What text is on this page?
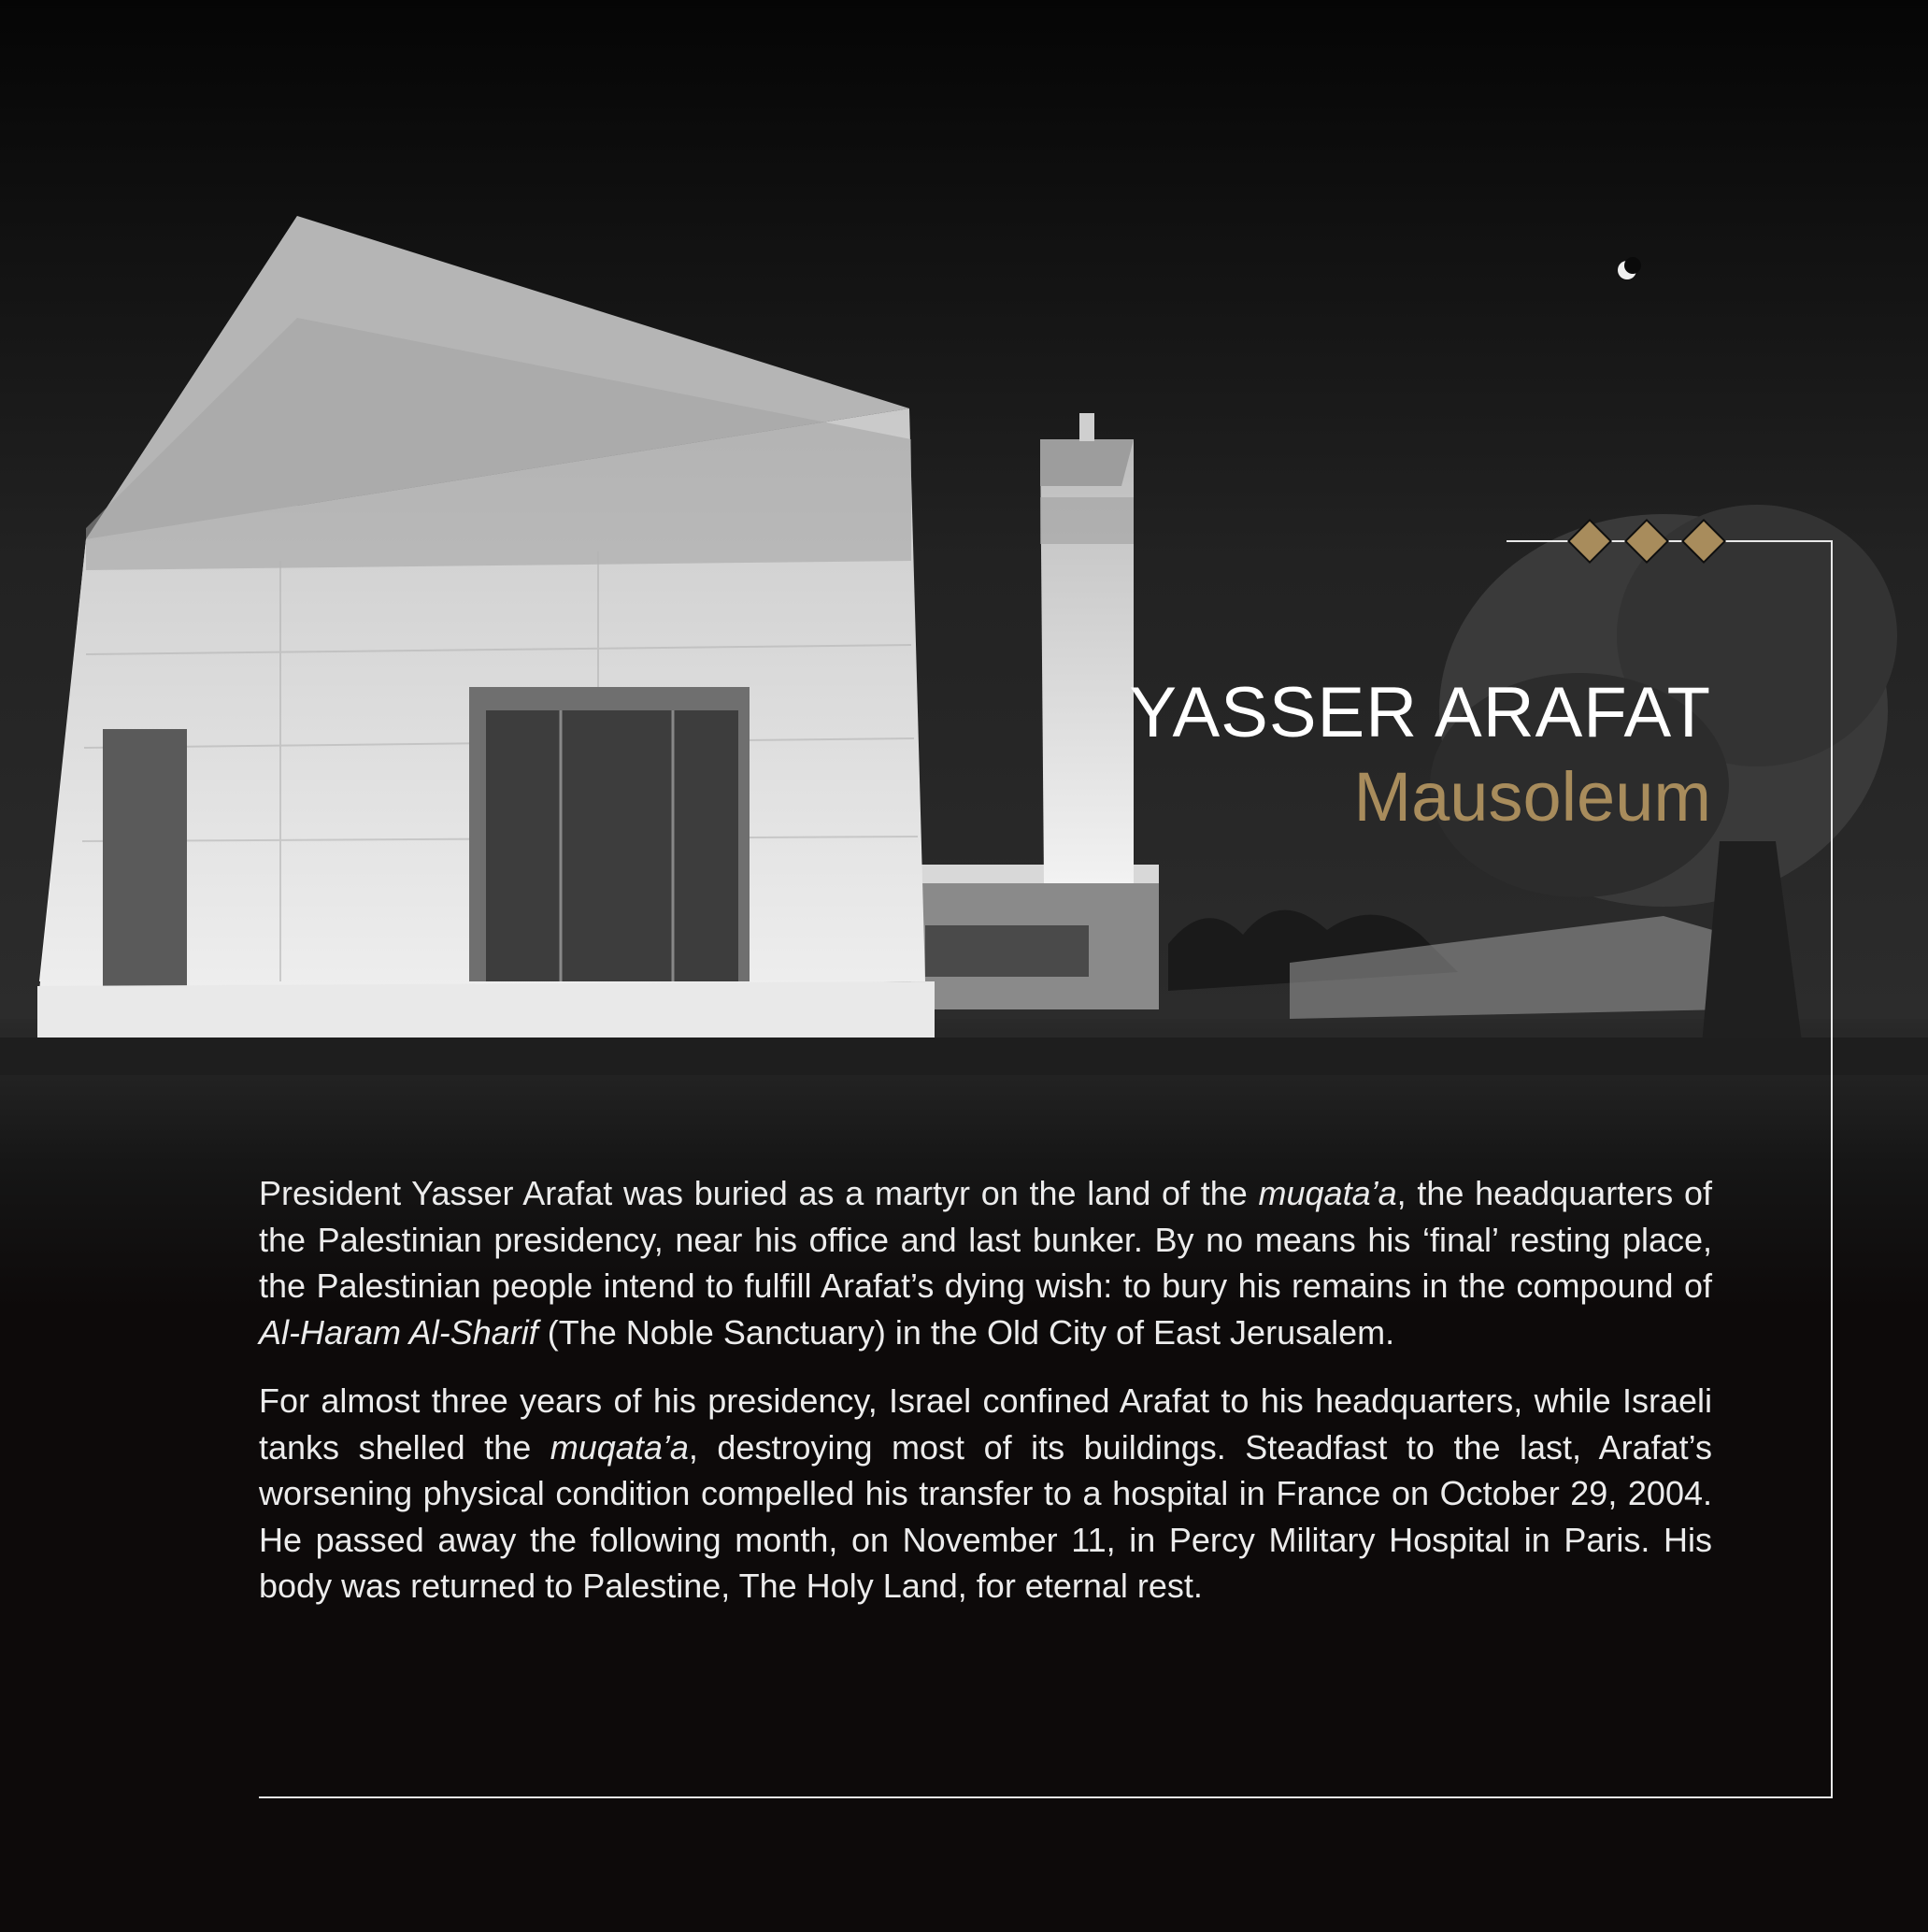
YASSER ARAFAT
Mausoleum

President Yasser Arafat was buried as a martyr on the land of the muqata’a, the headquarters of the Palestinian presidency, near his office and last bunker. By no means his ‘final’ resting place, the Palestinian people intend to fulfill Arafat’s dying wish: to bury his remains in the compound of Al-Haram Al-Sharif (The Noble Sanctuary) in the Old City of East Jerusalem.

For almost three years of his presidency, Israel confined Arafat to his headquarters, while Israeli tanks shelled the muqata’a, destroying most of its buildings. Steadfast to the last, Arafat’s worsening physical condition compelled his transfer to a hospital in France on October 29, 2004. He passed away the following month, on November 11, in Percy Military Hospital in Paris. His body was returned to Palestine, The Holy Land, for eternal rest.
